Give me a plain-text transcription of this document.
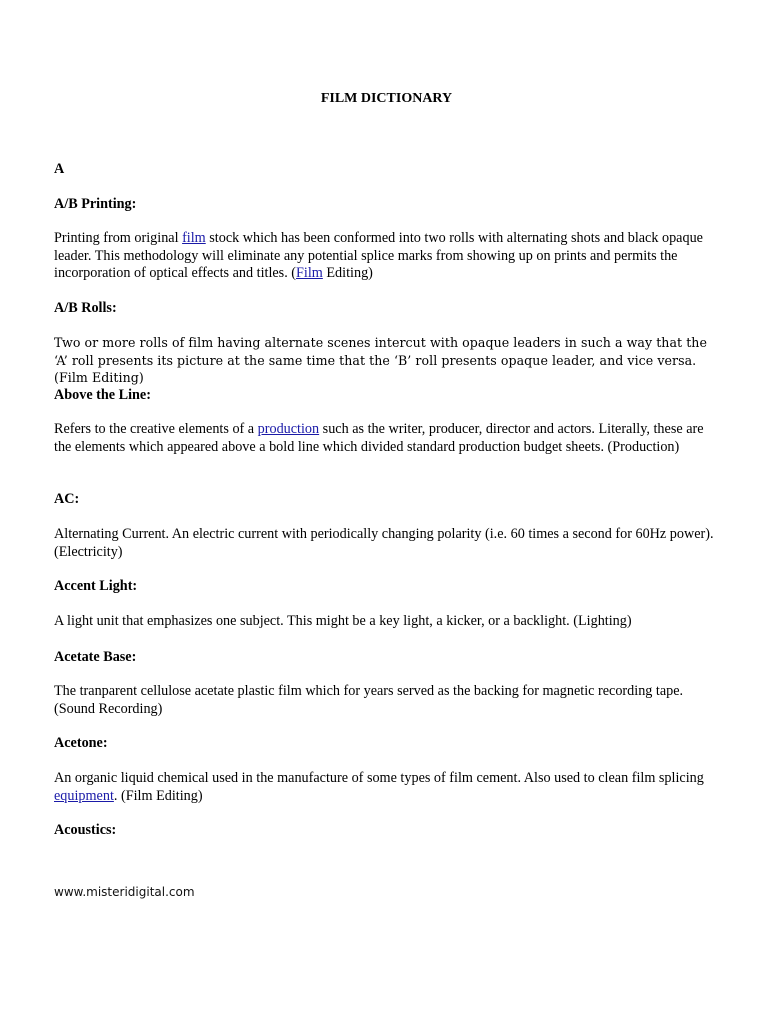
FILM DICTIONARY

A

A/B Printing:

Printing from original film stock which has been conformed into two rolls with alternating shots and black opaque leader. This methodology will eliminate any potential splice marks from showing up on prints and permits the incorporation of optical effects and titles. (Film Editing)

A/B Rolls:

Two or more rolls of film having alternate scenes intercut with opaque leaders in such a way that the ‘A’ roll presents its picture at the same time that the ‘B’ roll presents opaque leader, and vice versa. (Film Editing)

Above the Line:

Refers to the creative elements of a production such as the writer, producer, director and actors. Literally, these are the elements which appeared above a bold line which divided standard production budget sheets. (Production)

AC:

Alternating Current. An electric current with periodically changing polarity (i.e. 60 times a second for 60Hz power). (Electricity)

Accent Light:

A light unit that emphasizes one subject. This might be a key light, a kicker, or a backlight. (Lighting)

Acetate Base:

The tranparent cellulose acetate plastic film which for years served as the backing for magnetic recording tape. (Sound Recording)

Acetone:

An organic liquid chemical used in the manufacture of some types of film cement. Also used to clean film splicing equipment. (Film Editing)

Acoustics:

www.misteridigital.com
